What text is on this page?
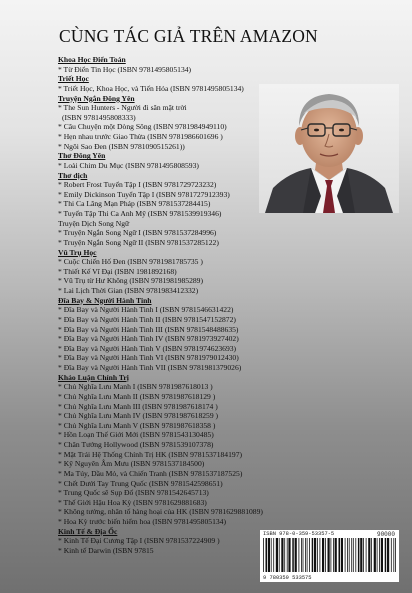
CÙNG TÁC GIẢ TRÊN AMAZON
Khoa Học Điển Toán
* Từ Điển Tin Học (ISBN 9781495805134)
Triết Học
* Triết Học, Khoa Học, và Tiến Hóa (ISBN 9781495805134)
Truyện Ngắn Đông Yên
* The Sun Hunters - Người đi săn mặt trời
(ISBN 9781495808333)
* Câu Chuyện một Dòng Sông (ISBN 9781984949110)
* Hẹn nhau trước Giao Thừa (ISBN 9781986601696 )
* Ngõi Sao Đen (ISBN 9781090515261))
Thơ Đông Yên
* Loài Chim Du Mục (ISBN 9781495808593)
Thơ dịch
* Robert Frost Tuyển Tập I (ISBN 9781729723232)
* Emily Dickinson Tuyển Tập I (ISBN 9781727912393)
* Thi Ca Lãng Mạn Pháp (ISBN 9781537284415)
* Tuyển Tập Thi Ca Anh Mỹ (ISBN 9781539919346)
Truyện Dịch Song Ngữ
* Truyện Ngắn Song Ngữ I (ISBN 9781537284996)
* Truyện Ngắn Song Ngữ II (ISBN 9781537285122)
Vũ Trụ Học
* Cuộc Chiến Hố Đen (ISBN 9781981785735 )
* Thiết Kế Vĩ Đại (ISBN 1981892168)
* Vũ Trụ từ Hư Không (ISBN 9781981985289)
* Lai Lịch Thời Gian (ISBN 9781983412332)
Đĩa Bay & Người Hành Tinh
* Đĩa Bay và Người Hành Tinh I (ISBN 9781546631422)
* Đĩa Bay và Người Hành Tinh II (ISBN 9781547152872)
* Đĩa Bay và Người Hành Tinh III (ISBN 9781548488635)
* Đĩa Bay và Người Hành Tinh IV (ISBN 9781973927402)
* Đĩa Bay và Người Hành Tinh V (ISBN 9781974623693)
* Đĩa Bay và Người Hành Tinh VI (ISBN 9781979012430)
* Đĩa Bay và Người Hành Tinh VII (ISBN 9781981379026)
Khảo Luận Chính Trị
* Chủ Nghĩa Lưu Manh I (ISBN 9781987618013 )
* Chủ Nghĩa Lưu Manh II (ISBN 9781987618129 )
* Chủ Nghĩa Lưu Manh III (ISBN 9781987618174 )
* Chủ Nghĩa Lưu Manh IV (ISBN 9781987618259 )
* Chủ Nghĩa Lưu Manh V (ISBN 9781987618358 )
* Hồn Loạn Thế Giới Mới (ISBN 9781543130485)
* Chân Tướng Hollywood (ISBN 9781539107378)
* Mặt Trái Hệ Thống Chính Trị HK (ISBN 9781537184197)
* Kỹ Nguyên Âm Mưu (ISBN 9781537184500)
* Ma Túy, Dầu Mỏ, và Chiến Tranh (ISBN 9781537187525)
* Chết Dưới Tay Trung Quốc (ISBN 9781542598651)
* Trung Quốc sẽ Sụp Đổ (ISBN 9781542645713)
* Thế Giới Hậu Hoa Kỳ (ISBN 9781629881683)
* Không tưởng, nhân tố hàng hoại của HK (ISBN 9781629881089)
* Hoa Kỳ trước biến hiểm hoa (ISBN 9781495805134)
Kinh Tế & Địa Ốc
* Kinh Tế Đại Cương Tập I (ISBN 9781537224909 )
* Kinh tế Darwin (ISBN 97815
ISBN 978-0-359-53357-5	90000
9 780359 533575
